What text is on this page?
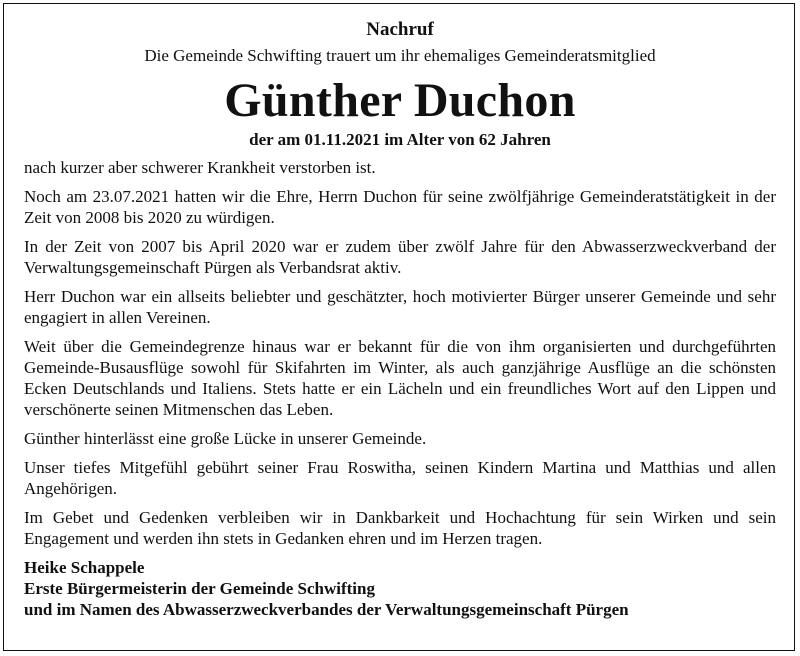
Nachruf
Die Gemeinde Schwifting trauert um ihr ehemaliges Gemeinderatsmitglied
Günther Duchon
der am 01.11.2021 im Alter von 62 Jahren

nach kurzer aber schwerer Krankheit verstorben ist.

Noch am 23.07.2021 hatten wir die Ehre, Herrn Duchon für seine zwölfjährige Gemeinderatstätigkeit in der Zeit von 2008 bis 2020 zu würdigen.

In der Zeit von 2007 bis April 2020 war er zudem über zwölf Jahre für den Abwasserzweckverband der Verwaltungsgemeinschaft Pürgen als Verbandsrat aktiv.

Herr Duchon war ein allseits beliebter und geschätzter, hoch motivierter Bürger unserer Gemeinde und sehr engagiert in allen Vereinen.

Weit über die Gemeindegrenze hinaus war er bekannt für die von ihm organisierten und durchgeführten Gemeinde-Busausflüge sowohl für Skifahrten im Winter, als auch ganzjährige Ausflüge an die schönsten Ecken Deutschlands und Italiens. Stets hatte er ein Lächeln und ein freundliches Wort auf den Lippen und verschönerte seinen Mitmenschen das Leben.

Günther hinterlässt eine große Lücke in unserer Gemeinde.

Unser tiefes Mitgefühl gebührt seiner Frau Roswitha, seinen Kindern Martina und Matthias und allen Angehörigen.

Im Gebet und Gedenken verbleiben wir in Dankbarkeit und Hochachtung für sein Wirken und sein Engagement und werden ihn stets in Gedanken ehren und im Herzen tragen.

Heike Schappele
Erste Bürgermeisterin der Gemeinde Schwifting
und im Namen des Abwasserzweckverbandes der Verwaltungsgemeinschaft Pürgen
